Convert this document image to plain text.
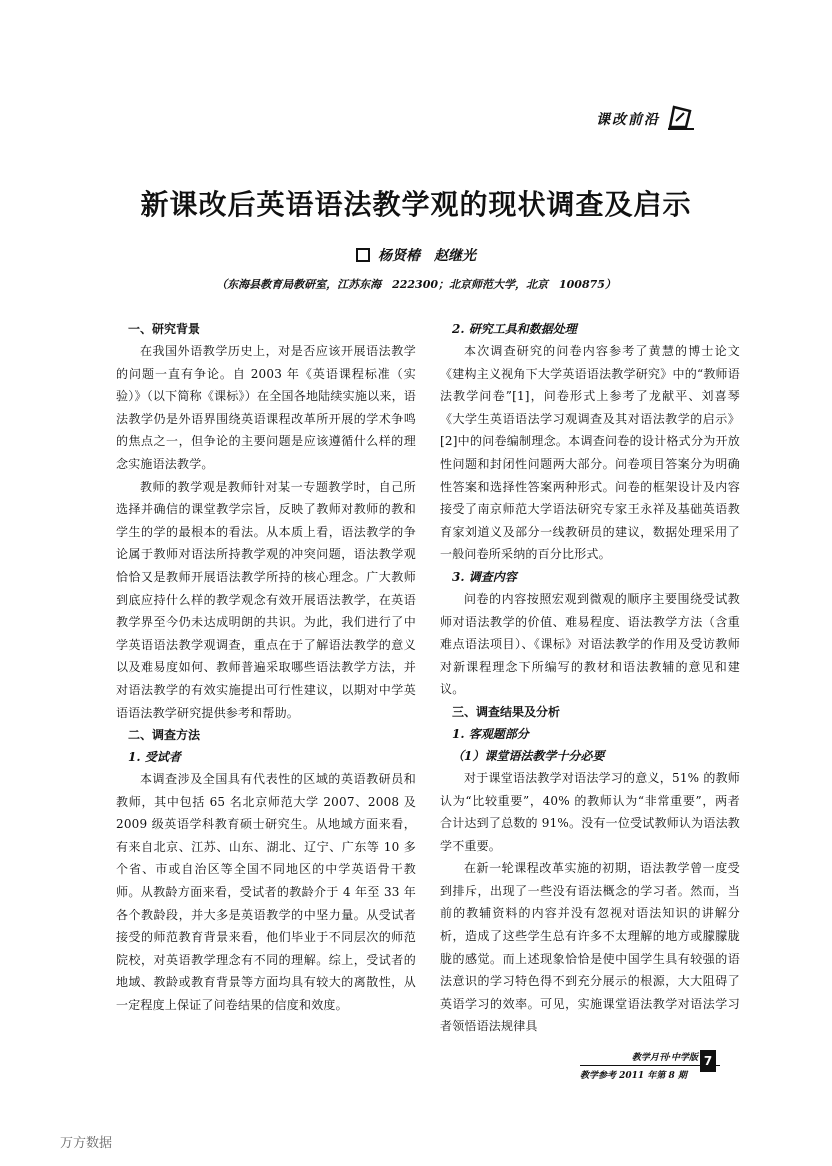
课改前沿
新课改后英语语法教学观的现状调查及启示
杨贤椿　赵继光
（东海县教育局教研室，江苏东海　222300；北京师范大学，北京　100875）

一、研究背景

在我国外语教学历史上，对是否应该开展语法教学的问题一直有争论。自 2003 年《英语课程标准（实验）》（以下简称《课标》）在全国各地陆续实施以来，语法教学仍是外语界围绕英语课程改革所开展的学术争鸣的焦点之一，但争论的主要问题是应该遵循什么样的理念实施语法教学。

教师的教学观是教师针对某一专题教学时，自己所选择并确信的课堂教学宗旨，反映了教师对教师的教和学生的学的最根本的看法。从本质上看，语法教学的争论属于教师对语法所持教学观的冲突问题，语法教学观恰恰又是教师开展语法教学所持的核心理念。广大教师到底应持什么样的教学观念有效开展语法教学，在英语教学界至今仍未达成明朗的共识。为此，我们进行了中学英语语法教学观调查，重点在于了解语法教学的意义以及难易度如何、教师普遍采取哪些语法教学方法，并对语法教学的有效实施提出可行性建议，以期对中学英语语法教学研究提供参考和帮助。

二、调查方法

1. 受试者

本调查涉及全国具有代表性的区域的英语教研员和教师，其中包括 65 名北京师范大学 2007、2008 及 2009 级英语学科教育硕士研究生。从地域方面来看，有来自北京、江苏、山东、湖北、辽宁、广东等 10 多个省、市或自治区等全国不同地区的中学英语骨干教师。从教龄方面来看，受试者的教龄介于 4 年至 33 年各个教龄段，并大多是英语教学的中坚力量。从受试者接受的师范教育背景来看，他们毕业于不同层次的师范院校，对英语教学理念有不同的理解。综上，受试者的地域、教龄或教育背景等方面均具有较大的离散性，从一定程度上保证了问卷结果的信度和效度。

2. 研究工具和数据处理

本次调查研究的问卷内容参考了黄慧的博士论文《建构主义视角下大学英语语法教学研究》中的“教师语法教学问卷”[1]，问卷形式上参考了龙献平、刘喜琴《大学生英语语法学习观调查及其对语法教学的启示》[2]中的问卷编制理念。本调查问卷的设计格式分为开放性问题和封闭性问题两大部分。问卷项目答案分为明确性答案和选择性答案两种形式。问卷的框架设计及内容接受了南京师范大学语法研究专家王永祥及基础英语教育家刘道义及部分一线教研员的建议，数据处理采用了一般问卷所采纳的百分比形式。

3. 调查内容

问卷的内容按照宏观到微观的顺序主要围绕受试教师对语法教学的价值、难易程度、语法教学方法（含重难点语法项目）、《课标》对语法教学的作用及受访教师对新课程理念下所编写的教材和语法教辅的意见和建议。

三、调查结果及分析

1. 客观题部分

（1）课堂语法教学十分必要

对于课堂语法教学对语法学习的意义，51% 的教师认为“比较重要”，40% 的教师认为“非常重要”，两者合计达到了总数的 91%。没有一位受试教师认为语法教学不重要。

在新一轮课程改革实施的初期，语法教学曾一度受到排斥，出现了一些没有语法概念的学习者。然而，当前的教辅资料的内容并没有忽视对语法知识的讲解分析，造成了这些学生总有许多不太理解的地方或朦朦胧胧的感觉。而上述现象恰恰是使中国学生具有较强的语法意识的学习特色得不到充分展示的根源，大大阻碍了英语学习的效率。可见，实施课堂语法教学对语法学习者领悟语法规律具

教学月刊·中学版
教学参考 2011 年第 8 期
7
万方数据
